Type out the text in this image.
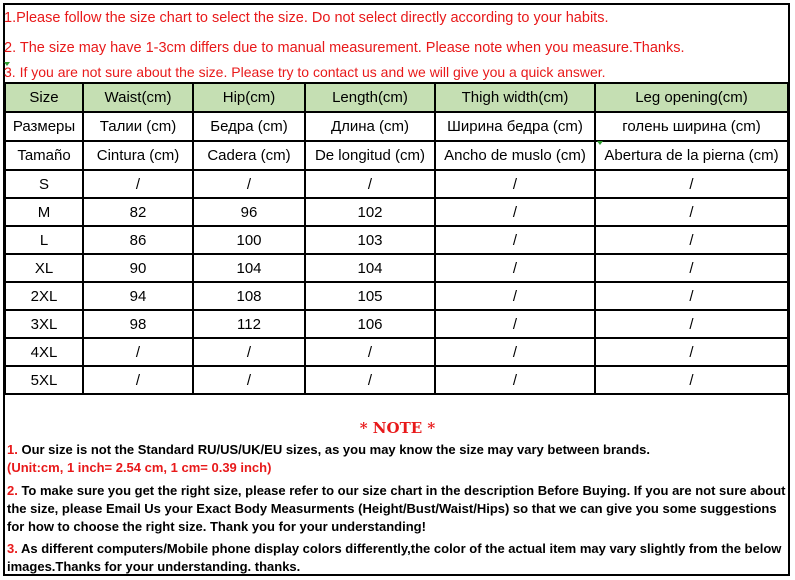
1.Please follow the size chart to select the size. Do not select directly according to your habits.
2. The size may have 1-3cm differs due to manual measurement. Please note when you measure.Thanks.
3. If you are not sure about the size. Please try to contact us and we will give you a quick answer.
Size	Waist(cm)	Hip(cm)	Length(cm)	Thigh width(cm)	Leg opening(cm)
Размеры	Талии (cm)	Бедра (cm)	Длина (cm)	Ширина бедра (cm)	голень ширина (cm)
Tamaño	Cintura (cm)	Cadera (cm)	De longitud (cm)	Ancho de muslo (cm)	Abertura de la pierna (cm)
S	/	/	/	/	/
M	82	96	102	/	/
L	86	100	103	/	/
XL	90	104	104	/	/
2XL	94	108	105	/	/
3XL	98	112	106	/	/
4XL	/	/	/	/	/
5XL	/	/	/	/	/
* NOTE *
1. Our size is not the Standard RU/US/UK/EU sizes, as you may know the size may vary between brands.
(Unit:cm, 1 inch= 2.54 cm, 1 cm= 0.39 inch)
2. To make sure you get the right size, please refer to our size chart in the description Before Buying. If you are not sure about the size, please Email Us your Exact Body Measurments (Height/Bust/Waist/Hips) so that we can give you some suggestions for how to choose the right size. Thank you for your understanding!
3. As different computers/Mobile phone display colors differently,the color of the actual item may vary slightly from the below images.Thanks for your understanding. thanks.
